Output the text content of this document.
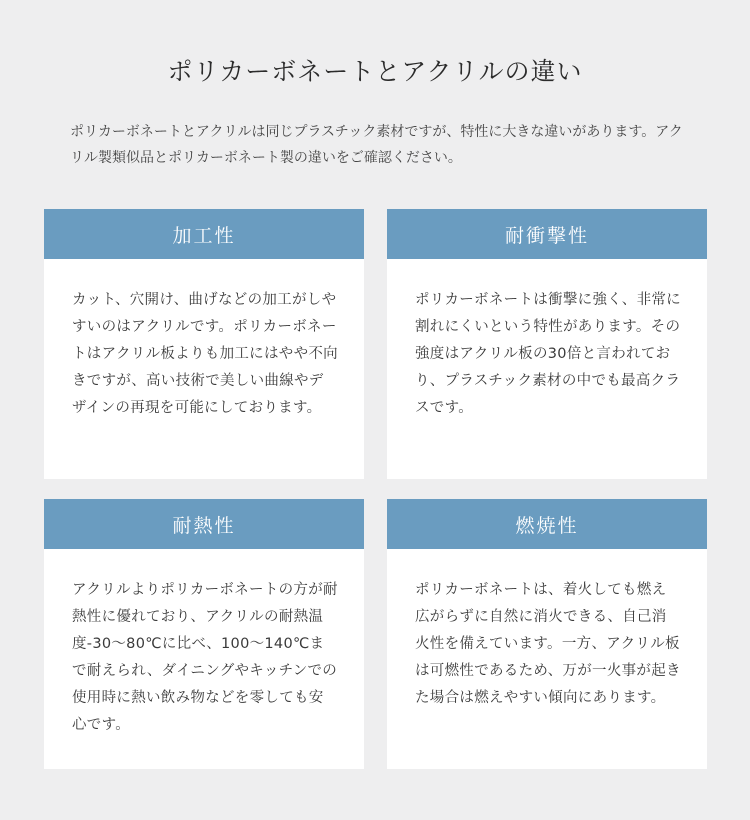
ポリカーボネートとアクリルの違い

ポリカーボネートとアクリルは同じプラスチック素材ですが、特性に大きな違いがあります。アクリル製類似品とポリカーボネート製の違いをご確認ください。

加工性
カット、穴開け、曲げなどの加工がしやすいのはアクリルです。ポリカーボネートはアクリル板よりも加工にはやや不向きですが、高い技術で美しい曲線やデザインの再現を可能にしております。
耐衝撃性
ポリカーボネートは衝撃に強く、非常に割れにくいという特性があります。その強度はアクリル板の30倍と言われており、プラスチック素材の中でも最高クラスです。
耐熱性
アクリルよりポリカーボネートの方が耐熱性に優れており、アクリルの耐熱温度-30〜80℃に比べ、100〜140℃まで耐えられ、ダイニングやキッチンでの使用時に熱い飲み物などを零しても安心です。
燃焼性
ポリカーボネートは、着火しても燃え広がらずに自然に消火できる、自己消火性を備えています。一方、アクリル板は可燃性であるため、万が一火事が起きた場合は燃えやすい傾向にあります。
